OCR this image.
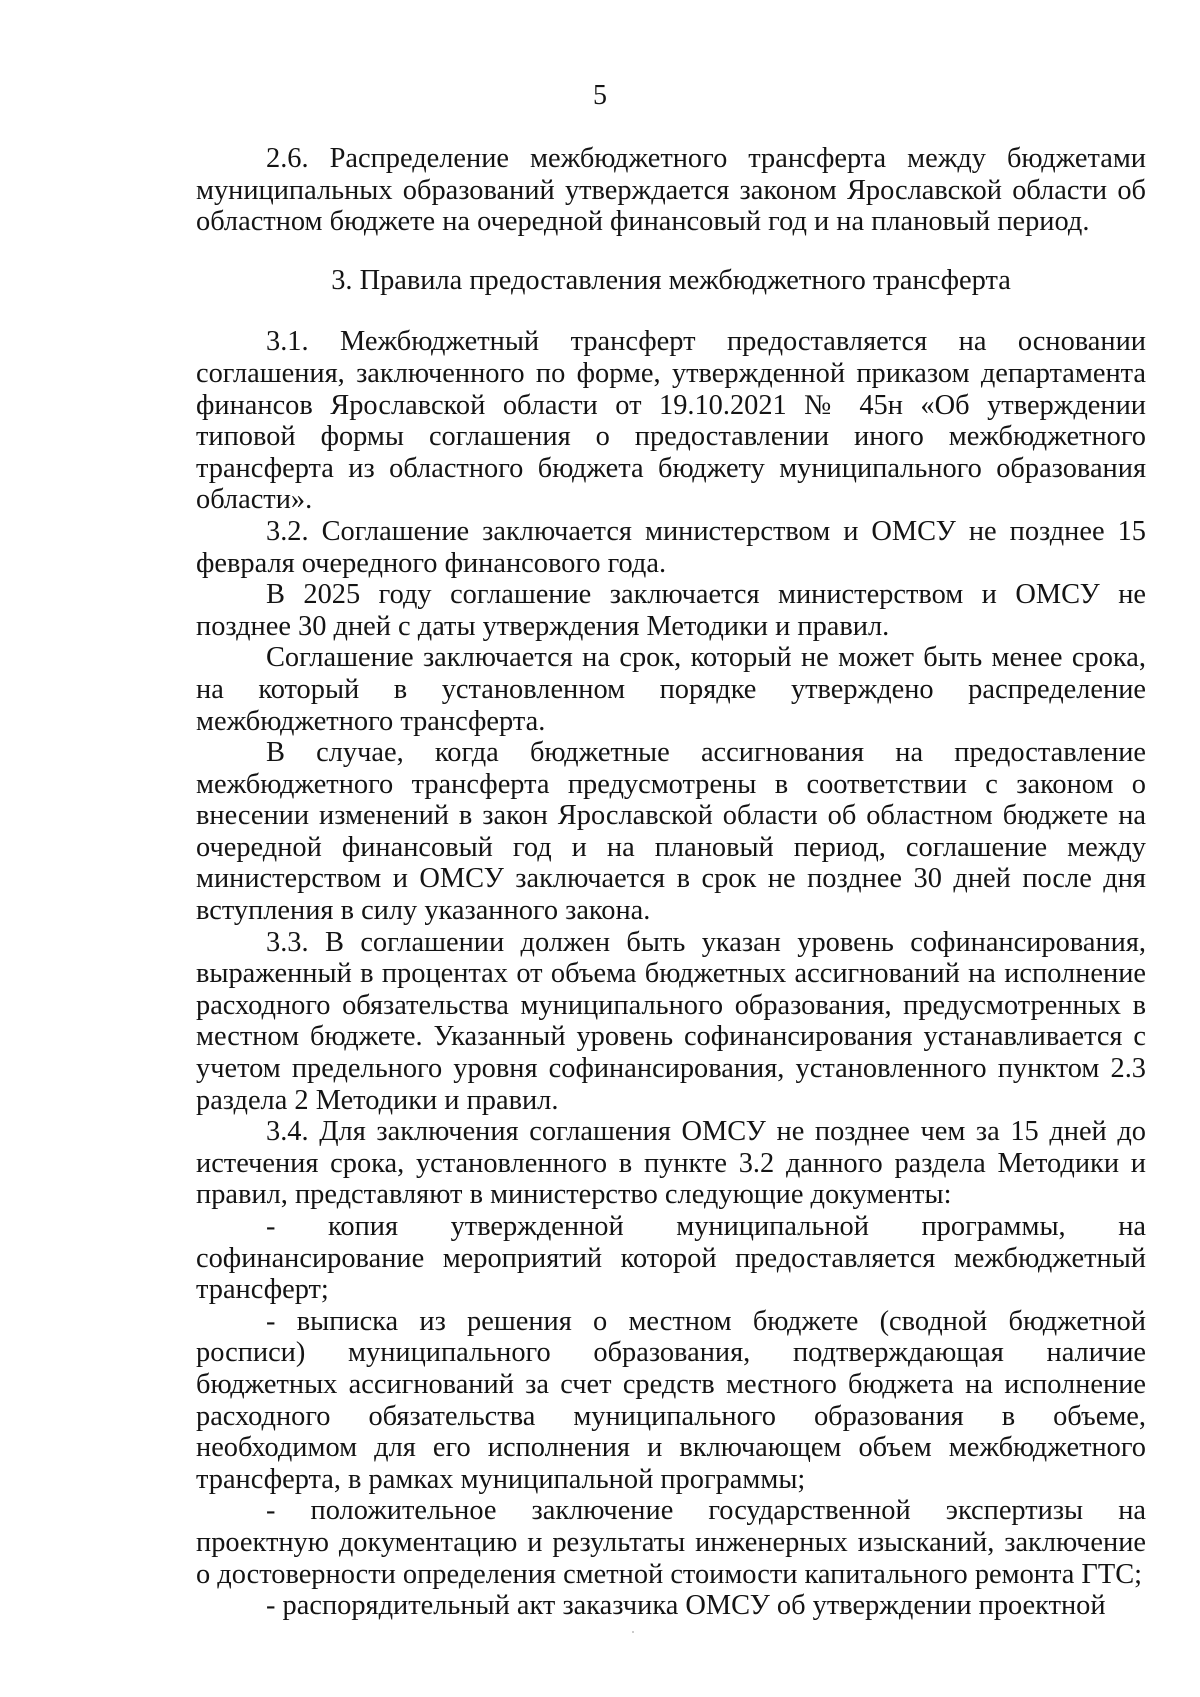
5

2.6. Распределение межбюджетного трансферта между бюджетами муниципальных образований утверждается законом Ярославской области об областном бюджете на очередной финансовый год и на плановый период.

3. Правила предоставления межбюджетного трансферта

3.1. Межбюджетный трансферт предоставляется на основании соглашения, заключенного по форме, утвержденной приказом департамента финансов Ярославской области от 19.10.2021 № 45н «Об утверждении типовой формы соглашения о предоставлении иного межбюджетного трансферта из областного бюджета бюджету муниципального образования области».

3.2. Соглашение заключается министерством и ОМСУ не позднее 15 февраля очередного финансового года.

В 2025 году соглашение заключается министерством и ОМСУ не позднее 30 дней с даты утверждения Методики и правил.

Соглашение заключается на срок, который не может быть менее срока, на который в установленном порядке утверждено распределение межбюджетного трансферта.

В случае, когда бюджетные ассигнования на предоставление межбюджетного трансферта предусмотрены в соответствии с законом о внесении изменений в закон Ярославской области об областном бюджете на очередной финансовый год и на плановый период, соглашение между министерством и ОМСУ заключается в срок не позднее 30 дней после дня вступления в силу указанного закона.

3.3. В соглашении должен быть указан уровень софинансирования, выраженный в процентах от объема бюджетных ассигнований на исполнение расходного обязательства муниципального образования, предусмотренных в местном бюджете. Указанный уровень софинансирования устанавливается с учетом предельного уровня софинансирования, установленного пунктом 2.3 раздела 2 Методики и правил.

3.4. Для заключения соглашения ОМСУ не позднее чем за 15 дней до истечения срока, установленного в пункте 3.2 данного раздела Методики и правил, представляют в министерство следующие документы:

- копия утвержденной муниципальной программы, на софинансирование мероприятий которой предоставляется межбюджетный трансферт;

- выписка из решения о местном бюджете (сводной бюджетной росписи) муниципального образования, подтверждающая наличие бюджетных ассигнований за счет средств местного бюджета на исполнение расходного обязательства муниципального образования в объеме, необходимом для его исполнения и включающем объем межбюджетного трансферта, в рамках муниципальной программы;

- положительное заключение государственной экспертизы на проектную документацию и результаты инженерных изысканий, заключение о достоверности определения сметной стоимости капитального ремонта ГТС;

- распорядительный акт заказчика ОМСУ об утверждении проектной
